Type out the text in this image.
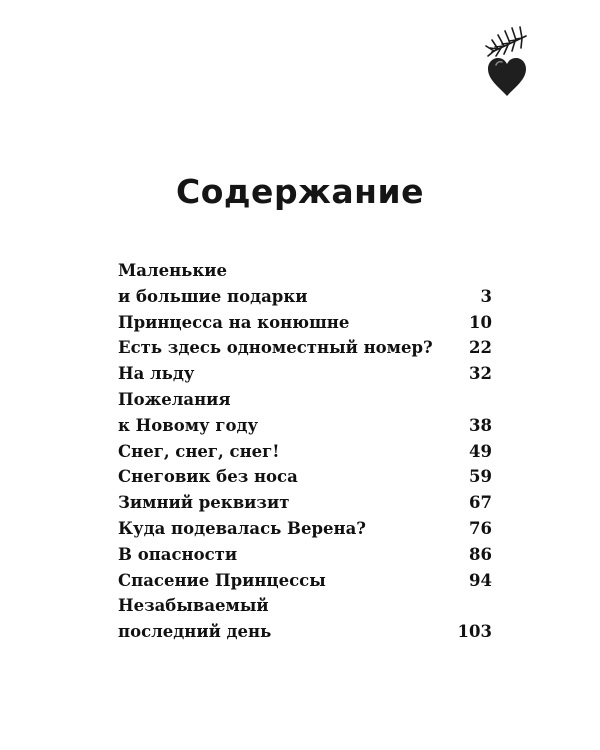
Содержание
Маленькие
и большие подарки	3
Принцесса на конюшне	10
Есть здесь одноместный номер?	22
На льду	32
Пожелания
к Новому году	38
Снег, снег, снег!	49
Снеговик без носа	59
Зимний реквизит	67
Куда подевалась Верена?	76
В опасности	86
Спасение Принцессы	94
Незабываемый
последний день	103
